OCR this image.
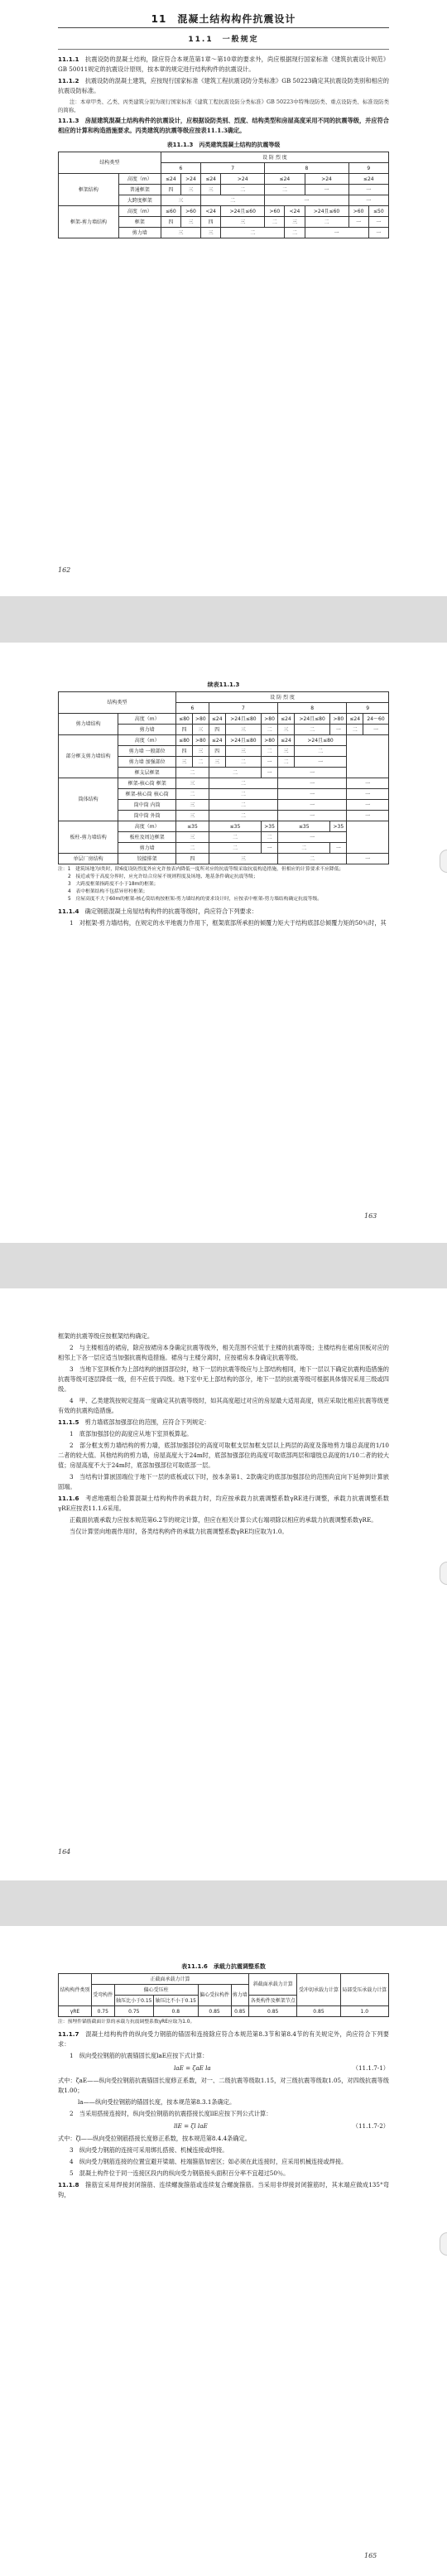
11　混凝土结构构件抗震设计
11.1　一般规定

11.1.1　 抗震设防的混凝土结构，除应符合本规范第1章～第10章的要求外，尚应根据现行国家标准《建筑抗震设计规范》GB 50011规定的抗震设计原则，按本章的规定进行结构构件的抗震设计。

11.1.2　 抗震设防的混凝土建筑，应按现行国家标准《建筑工程抗震设防分类标准》GB 50223确定其抗震设防类别和相应的抗震设防标准。

注：本章甲类、乙类、丙类建筑分别为现行国家标准《建筑工程抗震设防分类标准》GB 50223中特殊设防类、重点设防类、标准设防类的简称。

11.1.3　 房屋建筑混凝土结构构件的抗震设计，应根据设防类别、烈度、结构类型和房屋高度采用不同的抗震等级，并应符合相应的计算和构造措施要求。丙类建筑的抗震等级应按表11.1.3确定。

表11.1.3　丙类建筑混凝土结构的抗震等级
结构类型		设 防 烈 度								
		6		7		8			9	
框架结构	高度（m）	≤24	>24	≤24	>24	≤24		>24	≤24	
	普通框架	四	三	三	二	二		一	一	
	大跨度框架	三		二		一			一	
框架-剪力墙结构	高度（m）	≤60	>60	<24	>24且≤60	>60	<24	>24且≤60	>60	≤50
	框架	四	三	四	三	二	三	二	一	一
	剪力墙	三		三	二		二	一		一
162
续表11.1.3
结构类型		设 防 烈 度									
		6		7			8			9	
剪力墙结构	高度（m）	≤80	>80	≤24	>24且≤80	>80	≤24	>24且≤80	>80	≤24	24～60
	剪力墙	四	三	四	三	二	三	二	一	二	一
部分框支剪力墙结构	高度（m）	≤80	>80	≤24	>24且≤80	>80	≤24	>24且≤80			
	剪力墙 一般部位	四	三	四	三	二	三	二			
	剪力墙 加强部位	三	二	三	二	一	二	一			
	框支层框架	二		二		一	一				
筒体结构	框架-核心筒 框架	三		二			一			一	
	框架-核心筒 核心筒	二		二			一			一	
	筒中筒 内筒	三		二			一			一	
	筒中筒 外筒	三		二			一			一	
板柱-剪力墙结构	高度（m）	≤35		≤35		>35	≤35		>35		
	板柱及周边框架	三		二		二	一				
	剪力墙	二		二		一	二		一		
单层厂房结构	铰接排架	四		三			二			一	
注：1　建筑场地为Ⅰ类时，除6度设防烈度外应允许按表内降低一度所对应的抗震等级采取抗震构造措施，但相应的计算要求不应降低；
2　接近或等于高度分界时，应允许结合房屋不规则程度及场地、地基条件确定抗震等级；
3　大跨度框架指跨度不小于18m的框架；
4　表中框架结构不包括异形柱框架；
5　房屋高度不大于60m的框架-核心筒结构按框架-剪力墙结构的要求设计时，应按表中框架-剪力墙结构确定抗震等级。

11.1.4　 确定钢筋混凝土房屋结构构件的抗震等级时，尚应符合下列要求：

1　对框架-剪力墙结构，在规定的水平地震力作用下，框架底部所承担的倾覆力矩大于结构底部总倾覆力矩的50％时，其

163

框架的抗震等级应按框架结构确定。

2　与主楼相连的裙房，除应按裙房本身确定抗震等级外，相关范围不应低于主楼的抗震等级；主楼结构在裙房顶板对应的相邻上下各一层应适当加强抗震构造措施。裙房与主楼分离时，应按裙房本身确定抗震等级。

3　当地下室顶板作为上部结构的嵌固部位时，地下一层的抗震等级应与上部结构相同，地下一层以下确定抗震构造措施的抗震等级可逐层降低一级，但不应低于四级。地下室中无上部结构的部分，地下一层的抗震等级可根据具体情况采用三级或四级。

4　甲、乙类建筑按规定提高一度确定其抗震等级时，如其高度超过对应的房屋最大适用高度，则应采取比相应抗震等级更有效的抗震构造措施。

11.1.5　 剪力墙底部加强部位的范围，应符合下列规定：

1　底部加强部位的高度应从地下室顶板算起。

2　部分框支剪力墙结构的剪力墙，底部加强部位的高度可取框支层加框支层以上两层的高度及落地剪力墙总高度的1/10二者的较大值。其他结构的剪力墙，房屋高度大于24m时，底部加强部位的高度可取底部两层和墙肢总高度的1/10二者的较大值；房屋高度不大于24m时，底部加强部位可取底部一层。

3　当结构计算嵌固端位于地下一层的底板或以下时，按本条第1、2款确定的底部加强部位的范围尚宜向下延伸到计算嵌固端。

11.1.6　 考虑地震组合验算混凝土结构构件的承载力时，均应按承载力抗震调整系数γRE进行调整，承载力抗震调整系数γRE应按表11.1.6采用。

正截面抗震承载力应按本规范第6.2节的规定计算，但应在相关计算公式右端项除以相应的承载力抗震调整系数γRE。

当仅计算竖向地震作用时，各类结构构件的承载力抗震调整系数γRE均应取为1.0。

164
表11.1.6　承载力抗震调整系数
结构构件类别	正截面承载力计算					斜截面承载力计算	受冲切承载力计算	局部受压承载力计算
	受弯构件	偏心受压柱		偏心受拉构件	剪力墙			
		轴压比小于0.15	轴压比不小于0.15			各类构件及框架节点		
γRE	0.75	0.75	0.8	0.85	0.85	0.85	0.85	1.0
注：预埋件锚筋截面计算的承载力抗震调整系数γRE应取为1.0。

11.1.7　 混凝土结构构件的纵向受力钢筋的锚固和连接除应符合本规范第8.3节和第8.4节的有关规定外，尚应符合下列要求：

1　纵向受拉钢筋的抗震锚固长度laE应按下式计算：

laE = ζaE la	（11.1.7-1）

式中：ζaE——纵向受拉钢筋抗震锚固长度修正系数，对一、二级抗震等级取1.15，对三级抗震等级取1.05，对四级抗震等级取1.00；

la——纵向受拉钢筋的锚固长度，按本规范第8.3.1条确定。

2　当采用搭接连接时，纵向受拉钢筋的抗震搭接长度llE应按下列公式计算：

llE = ζl laE	（11.1.7-2）

式中：ζl——纵向受拉钢筋搭接长度修正系数，按本规范第8.4.4条确定。

3　纵向受力钢筋的连接可采用绑扎搭接、机械连接或焊接。

4　纵向受力钢筋连接的位置宜避开梁端、柱端箍筋加密区；如必须在此连接时，应采用机械连接或焊接。

5　混凝土构件位于同一连接区段内的纵向受力钢筋接头面积百分率不宜超过50％。

11.1.8　 箍筋宜采用焊接封闭箍筋、连续螺旋箍筋或连续复合螺旋箍筋。当采用非焊接封闭箍筋时，其末端应做成135°弯钩，

165
